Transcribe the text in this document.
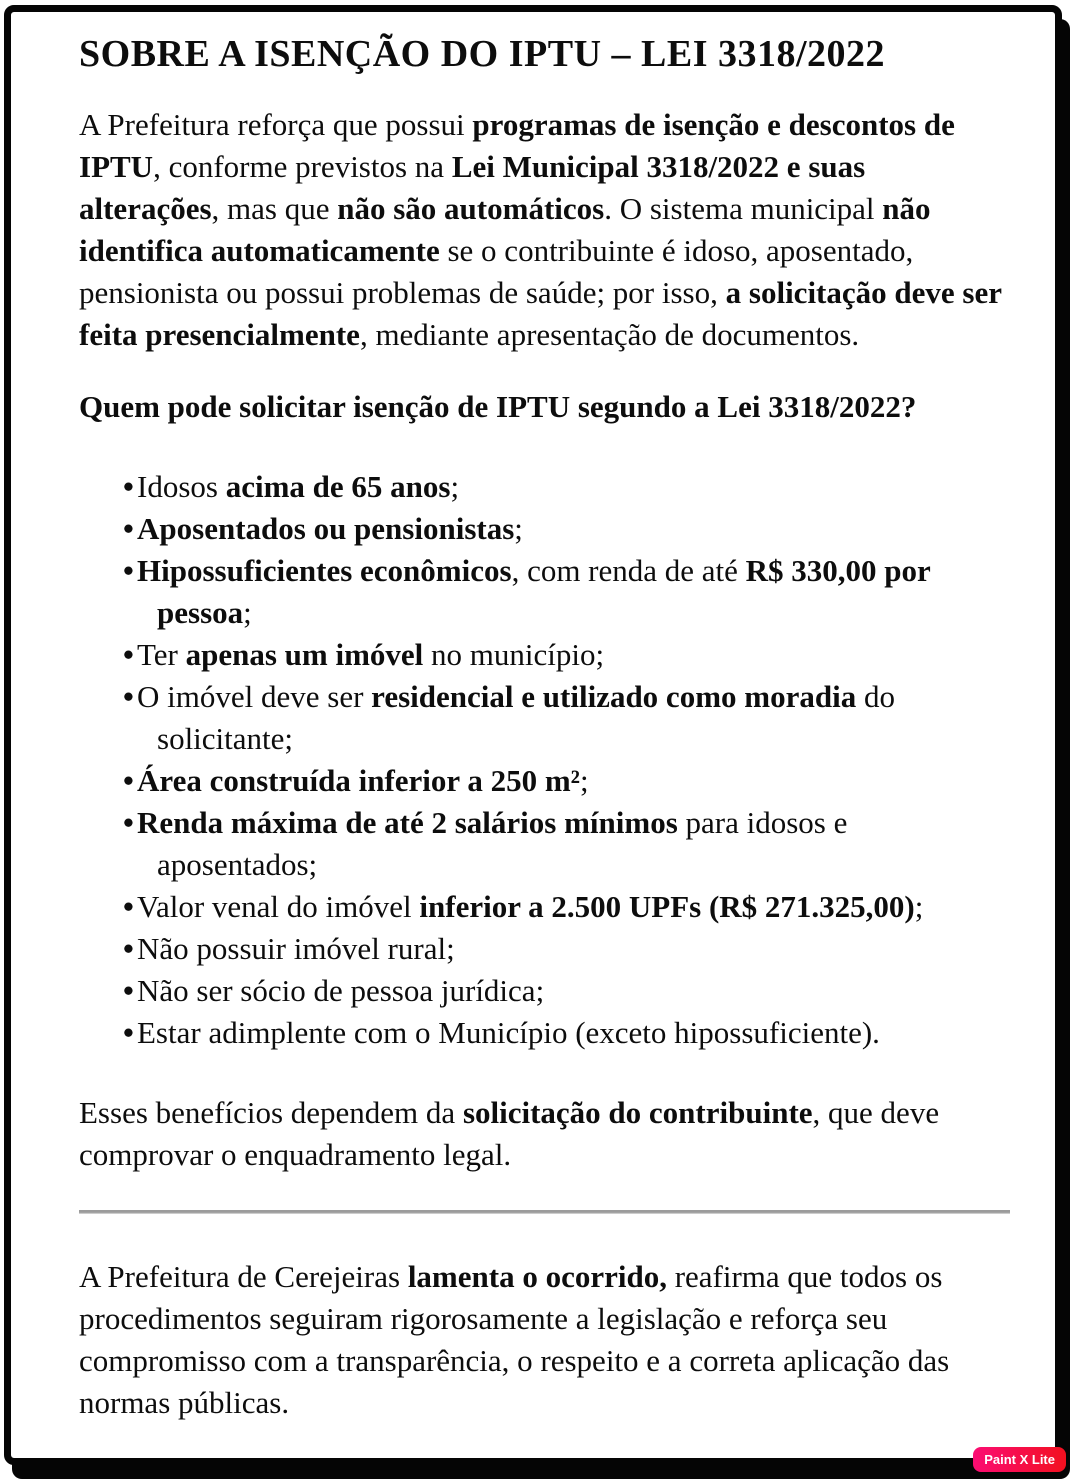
SOBRE A ISENÇÃO DO IPTU – LEI 3318/2022

A Prefeitura reforça que possui programas de isenção e descontos de IPTU, conforme previstos na Lei Municipal 3318/2022 e suas alterações, mas que não são automáticos. O sistema municipal não identifica automaticamente se o contribuinte é idoso, aposentado, pensionista ou possui problemas de saúde; por isso, a solicitação deve ser feita presencialmente, mediante apresentação de documentos.

Quem pode solicitar isenção de IPTU segundo a Lei 3318/2022?
• Idosos acima de 65 anos;
• Aposentados ou pensionistas;
• Hipossuficientes econômicos, com renda de até R$ 330,00 por pessoa;
• Ter apenas um imóvel no município;
• O imóvel deve ser residencial e utilizado como moradia do solicitante;
• Área construída inferior a 250 m²;
• Renda máxima de até 2 salários mínimos para idosos e aposentados;
• Valor venal do imóvel inferior a 2.500 UPFs (R$ 271.325,00);
• Não possuir imóvel rural;
• Não ser sócio de pessoa jurídica;
• Estar adimplente com o Município (exceto hipossuficiente).

Esses benefícios dependem da solicitação do contribuinte, que deve comprovar o enquadramento legal.

A Prefeitura de Cerejeiras lamenta o ocorrido, reafirma que todos os procedimentos seguiram rigorosamente a legislação e reforça seu compromisso com a transparência, o respeito e a correta aplicação das normas públicas.

Paint X Lite
